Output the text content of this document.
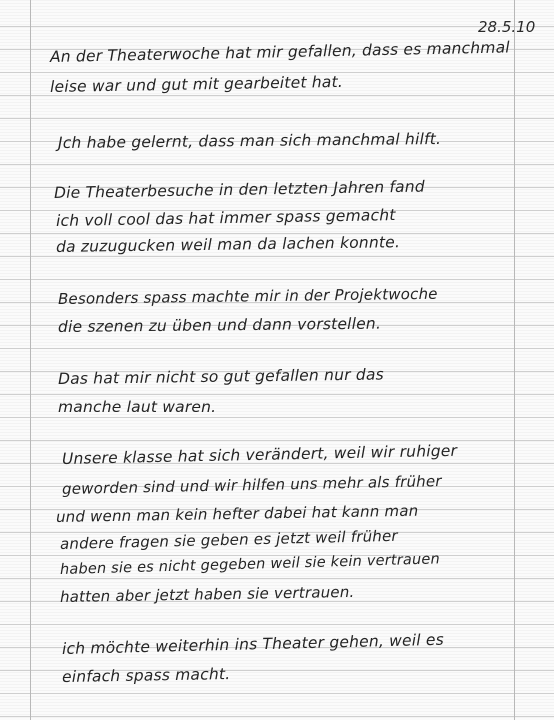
28.5.10
An der Theaterwoche hat mir gefallen, dass es manchmal
leise war und gut mit gearbeitet hat.
Jch habe gelernt, dass man sich manchmal hilft.
Die Theaterbesuche in den letzten Jahren fand
ich voll cool das hat immer spass gemacht
da zuzugucken weil man da lachen konnte.
Besonders spass machte mir in der Projektwoche
die szenen zu üben und dann vorstellen.
Das hat mir nicht so gut gefallen nur das
manche laut waren.
Unsere klasse hat sich verändert, weil wir ruhiger
geworden sind und wir hilfen uns mehr als früher
und wenn man kein hefter dabei hat kann man
andere fragen sie geben es jetzt weil früher
haben sie es nicht gegeben weil sie kein vertrauen
hatten aber jetzt haben sie vertrauen.
ich möchte weiterhin ins Theater gehen, weil es
einfach spass macht.
